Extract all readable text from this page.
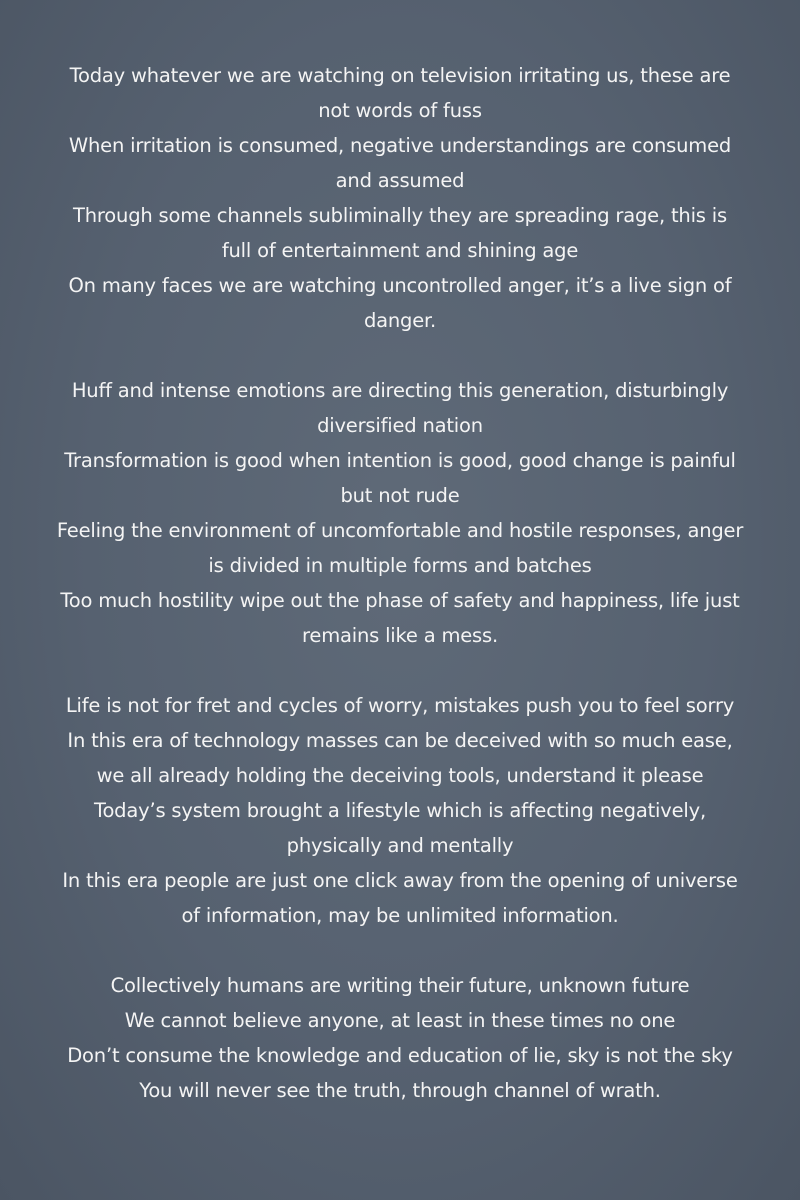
Today whatever we are watching on television irritating us, these are not words of fuss
When irritation is consumed, negative understandings are consumed and assumed
Through some channels subliminally they are spreading rage, this is full of entertainment and shining age
On many faces we are watching uncontrolled anger, it’s a live sign of danger.
Huff and intense emotions are directing this generation, disturbingly diversified nation
Transformation is good when intention is good, good change is painful but not rude
Feeling the environment of uncomfortable and hostile responses, anger is divided in multiple forms and batches
Too much hostility wipe out the phase of safety and happiness, life just remains like a mess.
Life is not for fret and cycles of worry, mistakes push you to feel sorry
In this era of technology masses can be deceived with so much ease, we all already holding the deceiving tools, understand it please
Today’s system brought a lifestyle which is affecting negatively, physically and mentally
In this era people are just one click away from the opening of universe of information, may be unlimited information.
Collectively humans are writing their future, unknown future
We cannot believe anyone, at least in these times no one
Don’t consume the knowledge and education of lie, sky is not the sky
You will never see the truth, through channel of wrath.
